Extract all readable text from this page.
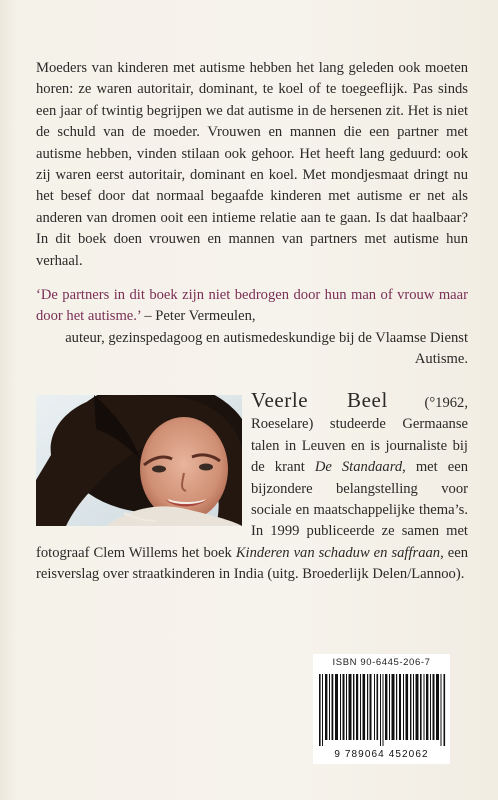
Moeders van kinderen met autisme hebben het lang geleden ook moeten horen: ze waren autoritair, dominant, te koel of te toegeeflijk. Pas sinds een jaar of twintig begrijpen we dat autisme in de hersenen zit. Het is niet de schuld van de moeder. Vrouwen en mannen die een partner met autisme hebben, vinden stilaan ook gehoor. Het heeft lang geduurd: ook zij waren eerst autoritair, dominant en koel. Met mondjesmaat dringt nu het besef door dat normaal begaafde kinderen met autisme er net als anderen van dromen ooit een intieme relatie aan te gaan. Is dat haalbaar? In dit boek doen vrouwen en mannen van partners met autisme hun verhaal.

‘De partners in dit boek zijn niet bedrogen door hun man of vrouw maar door het autisme.’ – Peter Vermeulen,

auteur, gezinspedagoog en autismedeskundige bij de Vlaamse Dienst Autisme.

Veerle Beel (°1962, Roeselare) studeerde Germaanse talen in Leuven en is journaliste bij de krant De Standaard, met een bijzondere belangstelling voor sociale en maatschappelijke thema’s. In 1999 publiceerde ze samen met fotograaf Clem Willems het boek Kinderen van schaduw en saffraan, een reisverslag over straatkinderen in India (uitg. Broederlijk Delen/Lannoo).

ISBN 90-6445-206-7
9 789064 452062
